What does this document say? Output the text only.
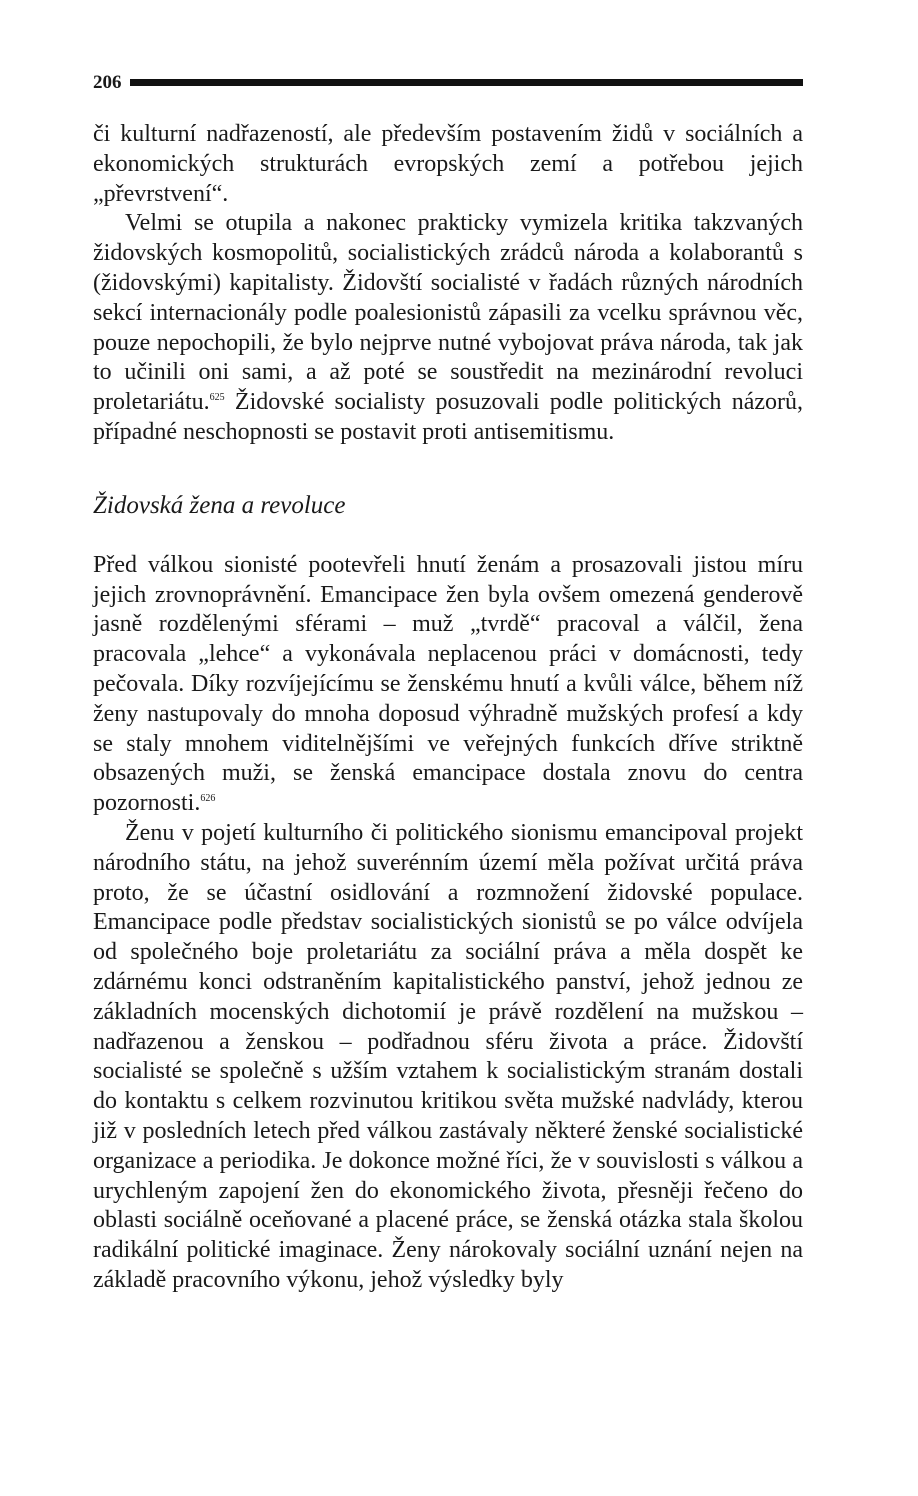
206

či kulturní nadřazeností, ale především postavením židů v sociálních a ekonomických strukturách evropských zemí a potřebou jejich „převrstvení“.

Velmi se otupila a nakonec prakticky vymizela kritika takzvaných židovských kosmopolitů, socialistických zrádců národa a kolaborantů s (židovskými) kapitalisty. Židovští socialisté v řadách různých národních sekcí internacionály podle poalesionistů zápasili za vcelku správnou věc, pouze nepochopili, že bylo nejprve nutné vybojovat práva národa, tak jak to učinili oni sami, a až poté se soustředit na mezinárodní revoluci proletariátu.$^{625}$ Židovské socialisty posuzovali podle politických názorů, případné neschopnosti se postavit proti antisemitismu.

Židovská žena a revoluce

Před válkou sionisté pootevřeli hnutí ženám a prosazovali jistou míru jejich zrovnoprávnění. Emancipace žen byla ovšem omezená genderově jasně rozdělenými sférami – muž „tvrdě“ pracoval a válčil, žena pracovala „lehce“ a vykonávala neplacenou práci v domácnosti, tedy pečovala. Díky rozvíjejícímu se ženskému hnutí a kvůli válce, během níž ženy nastupovaly do mnoha doposud výhradně mužských profesí a kdy se staly mnohem viditelnějšími ve veřejných funkcích dříve striktně obsazených muži, se ženská emancipace dostala znovu do centra pozornosti.$^{626}$

Ženu v pojetí kulturního či politického sionismu emancipoval projekt národního státu, na jehož suverénním území měla požívat určitá práva proto, že se účastní osidlování a rozmnožení židovské populace. Emancipace podle představ socialistických sionistů se po válce odvíjela od společného boje proletariátu za sociální práva a měla dospět ke zdárnému konci odstraněním kapitalistického panství, jehož jednou ze základních mocenských dichotomií je právě rozdělení na mužskou – nadřazenou a ženskou – podřadnou sféru života a práce. Židovští socialisté se společně s užším vztahem k socialistickým stranám dostali do kontaktu s celkem rozvinutou kritikou světa mužské nadvlády, kterou již v posledních letech před válkou zastávaly některé ženské socialistické organizace a periodika. Je dokonce možné říci, že v souvislosti s válkou a urychleným zapojení žen do ekonomického života, přesněji řečeno do oblasti sociálně oceňované a placené práce, se ženská otázka stala školou radikální politické imaginace. Ženy nárokovaly sociální uznání nejen na základě pracovního výkonu, jehož výsledky byly
